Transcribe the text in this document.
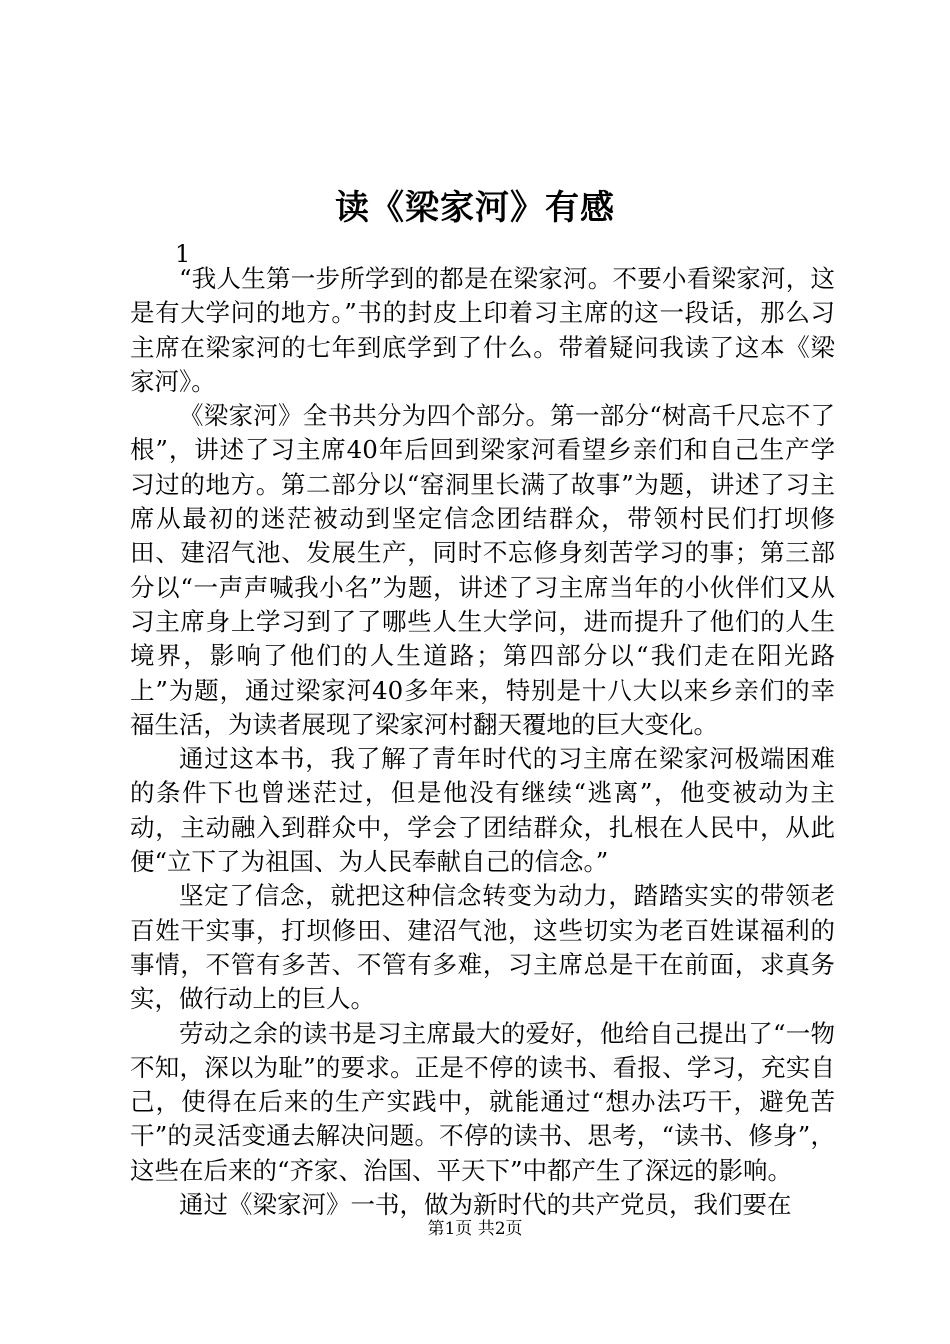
读《梁家河》有感
1

“我人生第一步所学到的都是在梁家河。不要小看梁家河，这是有大学问的地方。”书的封皮上印着习主席的这一段话，那么习主席在梁家河的七年到底学到了什么。带着疑问我读了这本《梁家河》。

《梁家河》全书共分为四个部分。第一部分“树高千尺忘不了根”，讲述了习主席40年后回到梁家河看望乡亲们和自己生产学习过的地方。第二部分以“窑洞里长满了故事”为题，讲述了习主席从最初的迷茫被动到坚定信念团结群众，带领村民们打坝修田、建沼气池、发展生产，同时不忘修身刻苦学习的事；第三部分以“一声声喊我小名”为题，讲述了习主席当年的小伙伴们又从习主席身上学习到了了哪些人生大学问，进而提升了他们的人生境界，影响了他们的人生道路；第四部分以“我们走在阳光路上”为题，通过梁家河40多年来，特别是十八大以来乡亲们的幸福生活，为读者展现了梁家河村翻天覆地的巨大变化。

通过这本书，我了解了青年时代的习主席在梁家河极端困难的条件下也曾迷茫过，但是他没有继续“逃离”，他变被动为主动，主动融入到群众中，学会了团结群众，扎根在人民中，从此便“立下了为祖国、为人民奉献自己的信念。”

坚定了信念，就把这种信念转变为动力，踏踏实实的带领老百姓干实事，打坝修田、建沼气池，这些切实为老百姓谋福利的事情，不管有多苦、不管有多难，习主席总是干在前面，求真务实，做行动上的巨人。

劳动之余的读书是习主席最大的爱好，他给自己提出了“一物不知，深以为耻”的要求。正是不停的读书、看报、学习，充实自己，使得在后来的生产实践中，就能通过“想办法巧干，避免苦干”的灵活变通去解决问题。不停的读书、思考，“读书、修身”，这些在后来的“齐家、治国、平天下”中都产生了深远的影响。

通过《梁家河》一书，做为新时代的共产党员，我们要在

第1页 共2页
